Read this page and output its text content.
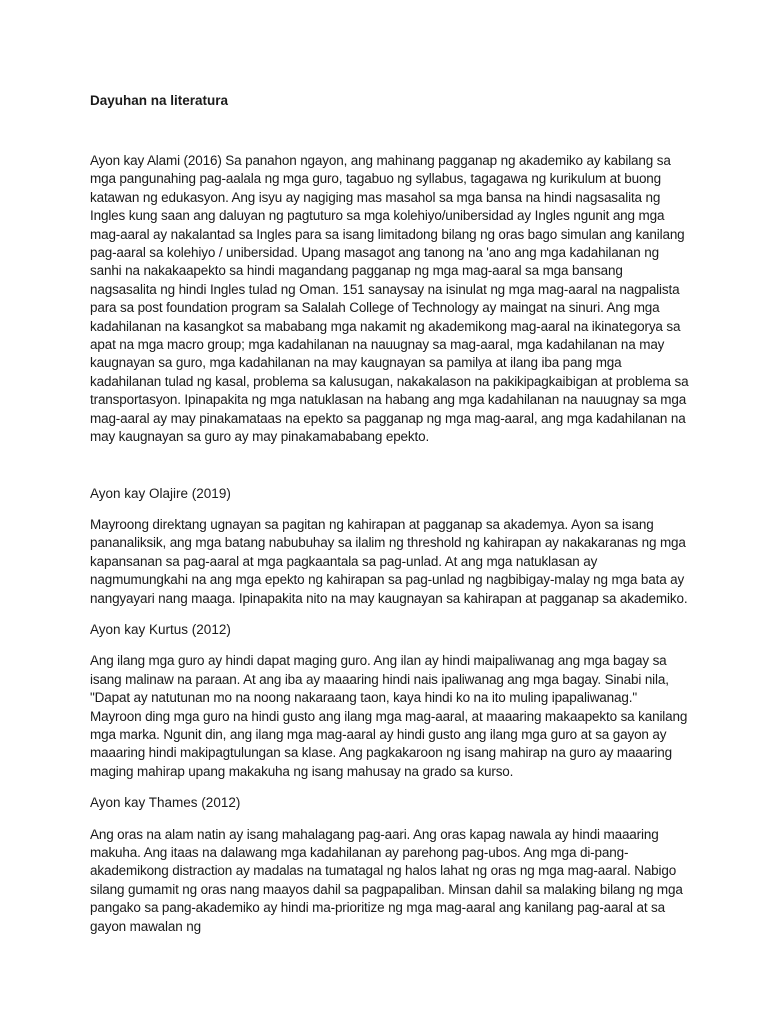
Dayuhan na literatura

Ayon kay Alami (2016) Sa panahon ngayon, ang mahinang pagganap ng akademiko ay kabilang sa mga pangunahing pag-aalala ng mga guro, tagabuo ng syllabus, tagagawa ng kurikulum at buong katawan ng edukasyon. Ang isyu ay nagiging mas masahol sa mga bansa na hindi nagsasalita ng Ingles kung saan ang daluyan ng pagtuturo sa mga kolehiyo/unibersidad ay Ingles ngunit ang mga mag-aaral ay nakalantad sa Ingles para sa isang limitadong bilang ng oras bago simulan ang kanilang pag-aaral sa kolehiyo / unibersidad. Upang masagot ang tanong na 'ano ang mga kadahilanan ng sanhi na nakakaapekto sa hindi magandang pagganap ng mga mag-aaral sa mga bansang nagsasalita ng hindi Ingles tulad ng Oman. 151 sanaysay na isinulat ng mga mag-aaral na nagpalista para sa post foundation program sa Salalah College of Technology ay maingat na sinuri. Ang mga kadahilanan na kasangkot sa mababang mga nakamit ng akademikong mag-aaral na ikinategorya sa apat na mga macro group; mga kadahilanan na nauugnay sa mag-aaral, mga kadahilanan na may kaugnayan sa guro, mga kadahilanan na may kaugnayan sa pamilya at ilang iba pang mga kadahilanan tulad ng kasal, problema sa kalusugan, nakakalason na pakikipagkaibigan at problema sa transportasyon. Ipinapakita ng mga natuklasan na habang ang mga kadahilanan na nauugnay sa mga mag-aaral ay may pinakamataas na epekto sa pagganap ng mga mag-aaral, ang mga kadahilanan na may kaugnayan sa guro ay may pinakamababang epekto.

Ayon kay Olajire (2019)

Mayroong direktang ugnayan sa pagitan ng kahirapan at pagganap sa akademya. Ayon sa isang pananaliksik, ang mga batang nabubuhay sa ilalim ng threshold ng kahirapan ay nakakaranas ng mga kapansanan sa pag-aaral at mga pagkaantala sa pag-unlad. At ang mga natuklasan ay nagmumungkahi na ang mga epekto ng kahirapan sa pag-unlad ng nagbibigay-malay ng mga bata ay nangyayari nang maaga. Ipinapakita nito na may kaugnayan sa kahirapan at pagganap sa akademiko.

Ayon kay Kurtus (2012)

Ang ilang mga guro ay hindi dapat maging guro. Ang ilan ay hindi maipaliwanag ang mga bagay sa isang malinaw na paraan. At ang iba ay maaaring hindi nais ipaliwanag ang mga bagay. Sinabi nila, "Dapat ay natutunan mo na noong nakaraang taon, kaya hindi ko na ito muling ipapaliwanag." Mayroon ding mga guro na hindi gusto ang ilang mga mag-aaral, at maaaring makaapekto sa kanilang mga marka. Ngunit din, ang ilang mga mag-aaral ay hindi gusto ang ilang mga guro at sa gayon ay maaaring hindi makipagtulungan sa klase. Ang pagkakaroon ng isang mahirap na guro ay maaaring maging mahirap upang makakuha ng isang mahusay na grado sa kurso.

Ayon kay Thames (2012)

Ang oras na alam natin ay isang mahalagang pag-aari. Ang oras kapag nawala ay hindi maaaring makuha. Ang itaas na dalawang mga kadahilanan ay parehong pag-ubos. Ang mga di-pang-akademikong distraction ay madalas na tumatagal ng halos lahat ng oras ng mga mag-aaral. Nabigo silang gumamit ng oras nang maayos dahil sa pagpapaliban. Minsan dahil sa malaking bilang ng mga pangako sa pang-akademiko ay hindi ma-prioritize ng mga mag-aaral ang kanilang pag-aaral at sa gayon mawalan ng
